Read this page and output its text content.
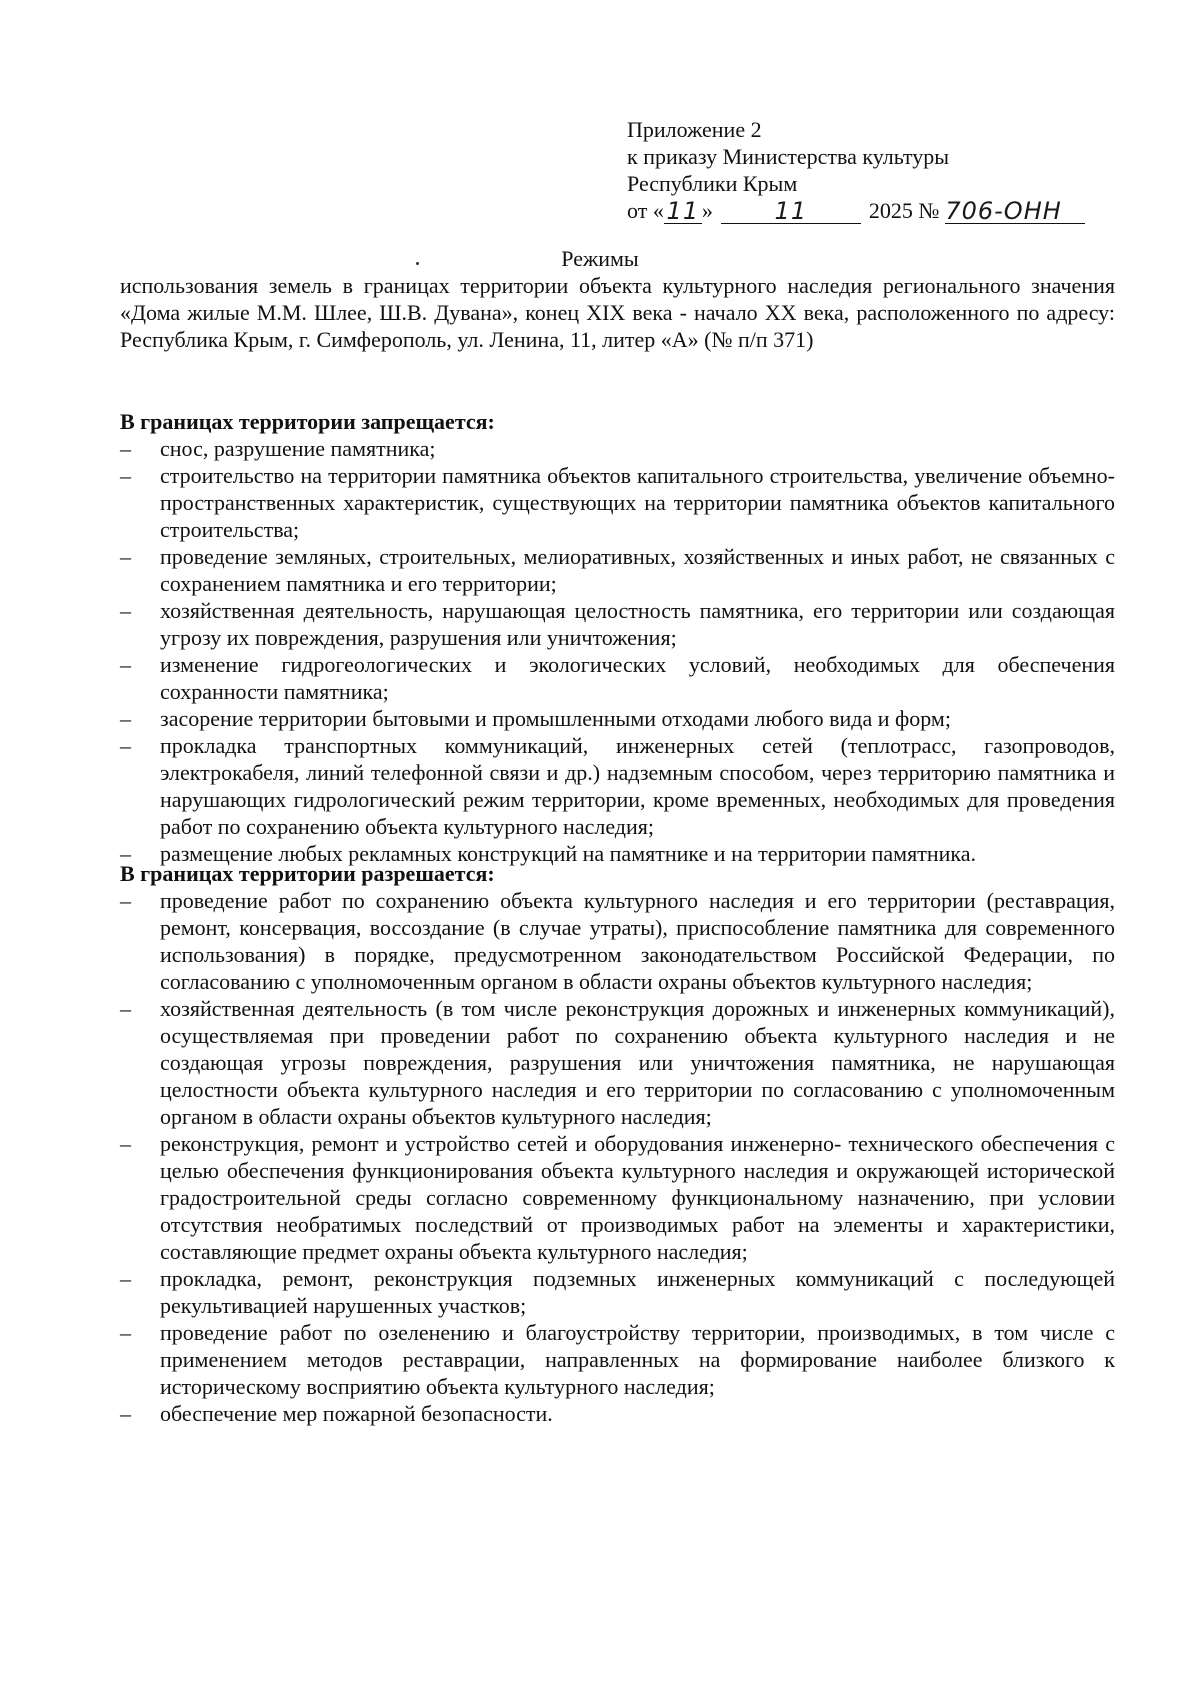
Приложение 2
к приказу Министерства культуры
Республики Крым
от « 11 »	11	2025 № 706-ОНН
Режимы
использования земель в границах территории объекта культурного наследия регионального значения «Дома жилые М.М. Шлее, Ш.В. Дувана», конец XIX века - начало XX века, расположенного по адресу: Республика Крым, г. Симферополь, ул. Ленина, 11, литер «А» (№ п/п 371)

В границах территории запрещается:

–	снос, разрушение памятника;
–	строительство на территории памятника объектов капитального строительства, увеличение объемно-пространственных характеристик, существующих на территории памятника объектов капитального строительства;
–	проведение земляных, строительных, мелиоративных, хозяйственных и иных работ, не связанных с сохранением памятника и его территории;
–	хозяйственная деятельность, нарушающая целостность памятника, его территории или создающая угрозу их повреждения, разрушения или уничтожения;
–	изменение гидрогеологических и экологических условий, необходимых для обеспечения сохранности памятника;
–	засорение территории бытовыми и промышленными отходами любого вида и форм;
–	прокладка транспортных коммуникаций, инженерных сетей (теплотрасс, газопроводов, электрокабеля, линий телефонной связи и др.) надземным способом, через территорию памятника и нарушающих гидрологический режим территории, кроме временных, необходимых для проведения работ по сохранению объекта культурного наследия;
–	размещение любых рекламных конструкций на памятнике и на территории памятника.

В границах территории разрешается:

–	проведение работ по сохранению объекта культурного наследия и его территории (реставрация, ремонт, консервация, воссоздание (в случае утраты), приспособление памятника для современного использования) в порядке, предусмотренном законодательством Российской Федерации, по согласованию с уполномоченным органом в области охраны объектов культурного наследия;
–	хозяйственная деятельность (в том числе реконструкция дорожных и инженерных коммуникаций), осуществляемая при проведении работ по сохранению объекта культурного наследия и не создающая угрозы повреждения, разрушения или уничтожения памятника, не нарушающая целостности объекта культурного наследия и его территории по согласованию с уполномоченным органом в области охраны объектов культурного наследия;
–	реконструкция, ремонт и устройство сетей и оборудования инженерно- технического обеспечения с целью обеспечения функционирования объекта культурного наследия и окружающей исторической градостроительной среды согласно современному функциональному назначению, при условии отсутствия необратимых последствий от производимых работ на элементы и характеристики, составляющие предмет охраны объекта культурного наследия;
–	прокладка, ремонт, реконструкция подземных инженерных коммуникаций с последующей рекультивацией нарушенных участков;
–	проведение работ по озеленению и благоустройству территории, производимых, в том числе с применением методов реставрации, направленных на формирование наиболее близкого к историческому восприятию объекта культурного наследия;
–	обеспечение мер пожарной безопасности.
